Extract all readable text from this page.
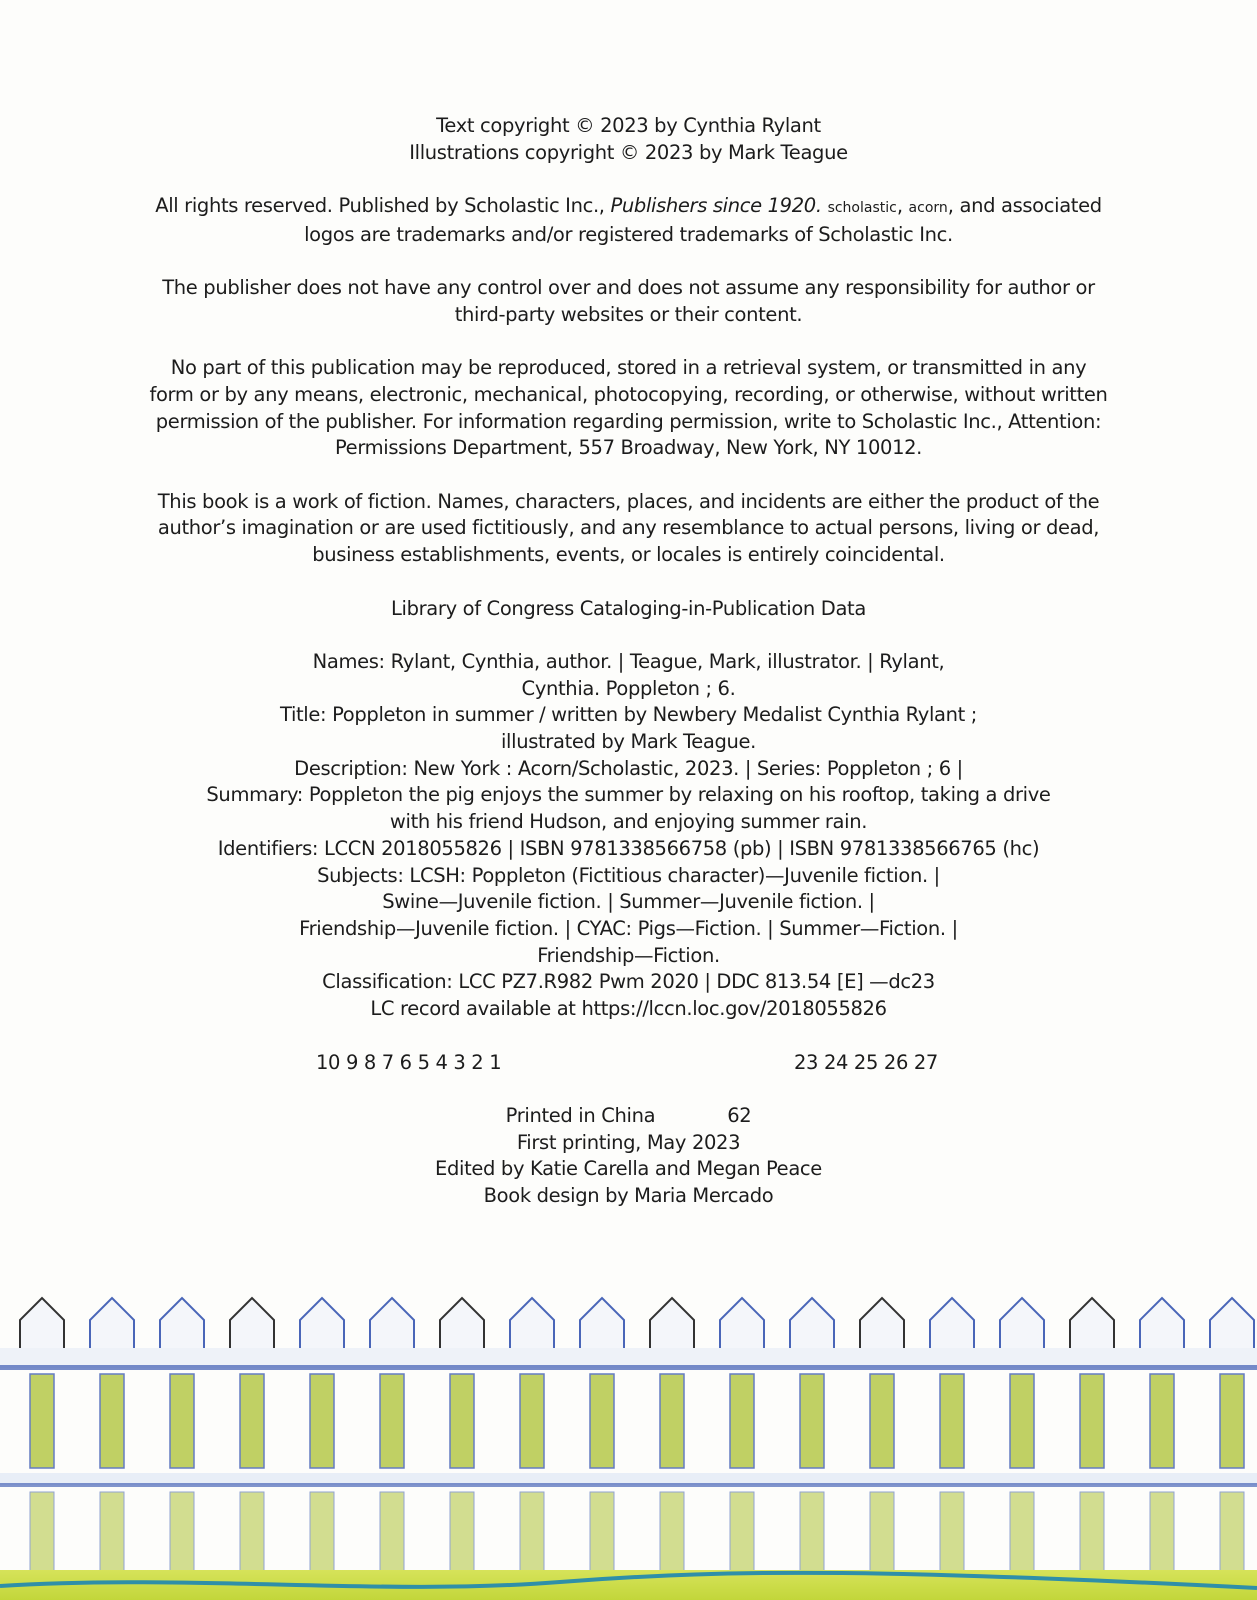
Text copyright © 2023 by Cynthia Rylant
Illustrations copyright © 2023 by Mark Teague

All rights reserved. Published by Scholastic Inc., Publishers since 1920. scholastic, acorn, and associated
logos are trademarks and/or registered trademarks of Scholastic Inc.

The publisher does not have any control over and does not assume any responsibility for author or
third-party websites or their content.

No part of this publication may be reproduced, stored in a retrieval system, or transmitted in any
form or by any means, electronic, mechanical, photocopying, recording, or otherwise, without written
permission of the publisher. For information regarding permission, write to Scholastic Inc., Attention:
Permissions Department, 557 Broadway, New York, NY 10012.

This book is a work of fiction. Names, characters, places, and incidents are either the product of the
author’s imagination or are used fictitiously, and any resemblance to actual persons, living or dead,
business establishments, events, or locales is entirely coincidental.

Library of Congress Cataloging-in-Publication Data

Names: Rylant, Cynthia, author. | Teague, Mark, illustrator. | Rylant,
Cynthia. Poppleton ; 6.
Title: Poppleton in summer / written by Newbery Medalist Cynthia Rylant ;
illustrated by Mark Teague.
Description: New York : Acorn/Scholastic, 2023. | Series: Poppleton ; 6 |
Summary: Poppleton the pig enjoys the summer by relaxing on his rooftop, taking a drive
with his friend Hudson, and enjoying summer rain.
Identifiers: LCCN 2018055826 | ISBN 9781338566758 (pb) | ISBN 9781338566765 (hc)
Subjects: LCSH: Poppleton (Fictitious character)—Juvenile fiction. |
Swine—Juvenile fiction. | Summer—Juvenile fiction. |
Friendship—Juvenile fiction. | CYAC: Pigs—Fiction. | Summer—Fiction. |
Friendship—Fiction.
Classification: LCC PZ7.R982 Pwm 2020 | DDC 813.54 [E] —dc23
LC record available at https://lccn.loc.gov/2018055826

10 9 8 7 6 5 4 3 2 1	23 24 25 26 27

Printed in China	62
First printing, May 2023
Edited by Katie Carella and Megan Peace
Book design by Maria Mercado
